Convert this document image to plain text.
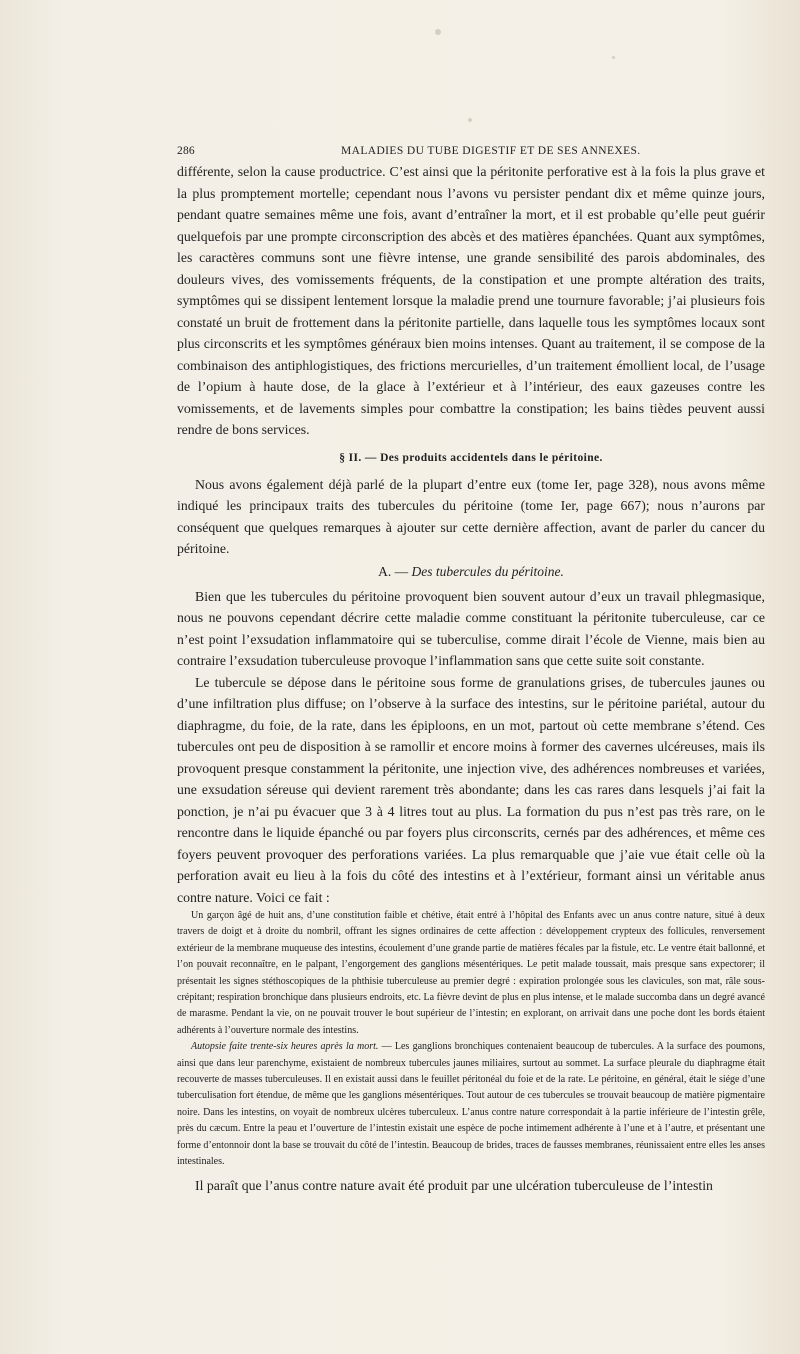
286	MALADIES DU TUBE DIGESTIF ET DE SES ANNEXES.

différente, selon la cause productrice. C’est ainsi que la péritonite perforative est à la fois la plus grave et la plus promptement mortelle; cependant nous l’avons vu persister pendant dix et même quinze jours, pendant quatre semaines même une fois, avant d’entraîner la mort, et il est probable qu’elle peut guérir quelquefois par une prompte circonscription des abcès et des matières épanchées. Quant aux symptômes, les caractères communs sont une fièvre intense, une grande sensibilité des parois abdominales, des douleurs vives, des vomissements fréquents, de la constipation et une prompte altération des traits, symptômes qui se dissipent lentement lorsque la maladie prend une tournure favorable; j’ai plusieurs fois constaté un bruit de frottement dans la péritonite partielle, dans laquelle tous les symptômes locaux sont plus circonscrits et les symptômes généraux bien moins intenses. Quant au traitement, il se compose de la combinaison des antiphlogistiques, des frictions mercurielles, d’un traitement émollient local, de l’usage de l’opium à haute dose, de la glace à l’extérieur et à l’intérieur, des eaux gazeuses contre les vomissements, et de lavements simples pour combattre la constipation; les bains tièdes peuvent aussi rendre de bons services.

§ II. — Des produits accidentels dans le péritoine.

Nous avons également déjà parlé de la plupart d’entre eux (tome Ier, page 328), nous avons même indiqué les principaux traits des tubercules du péritoine (tome Ier, page 667); nous n’aurons par conséquent que quelques remarques à ajouter sur cette dernière affection, avant de parler du cancer du péritoine.

A. — Des tubercules du péritoine.

Bien que les tubercules du péritoine provoquent bien souvent autour d’eux un travail phlegmasique, nous ne pouvons cependant décrire cette maladie comme constituant la péritonite tuberculeuse, car ce n’est point l’exsudation inflammatoire qui se tuberculise, comme dirait l’école de Vienne, mais bien au contraire l’exsudation tuberculeuse provoque l’inflammation sans que cette suite soit constante.

Le tubercule se dépose dans le péritoine sous forme de granulations grises, de tubercules jaunes ou d’une infiltration plus diffuse; on l’observe à la surface des intestins, sur le péritoine pariétal, autour du diaphragme, du foie, de la rate, dans les épiploons, en un mot, partout où cette membrane s’étend. Ces tubercules ont peu de disposition à se ramollir et encore moins à former des cavernes ulcéreuses, mais ils provoquent presque constamment la péritonite, une injection vive, des adhérences nombreuses et variées, une exsudation séreuse qui devient rarement très abondante; dans les cas rares dans lesquels j’ai fait la ponction, je n’ai pu évacuer que 3 à 4 litres tout au plus. La formation du pus n’est pas très rare, on le rencontre dans le liquide épanché ou par foyers plus circonscrits, cernés par des adhérences, et même ces foyers peuvent provoquer des perforations variées. La plus remarquable que j’aie vue était celle où la perforation avait eu lieu à la fois du côté des intestins et à l’extérieur, formant ainsi un véritable anus contre nature. Voici ce fait :

Un garçon âgé de huit ans, d’une constitution faible et chétive, était entré à l’hôpital des Enfants avec un anus contre nature, situé à deux travers de doigt et à droite du nombril, offrant les signes ordinaires de cette affection : développement crypteux des follicules, renversement extérieur de la membrane muqueuse des intestins, écoulement d’une grande partie de matières fécales par la fistule, etc. Le ventre était ballonné, et l’on pouvait reconnaître, en le palpant, l’engorgement des ganglions mésentériques. Le petit malade toussait, mais presque sans expectorer; il présentait les signes stéthoscopiques de la phthisie tuberculeuse au premier degré : expiration prolongée sous les clavicules, son mat, râle sous-crépitant; respiration bronchique dans plusieurs endroits, etc. La fièvre devint de plus en plus intense, et le malade succomba dans un degré avancé de marasme. Pendant la vie, on ne pouvait trouver le bout supérieur de l’intestin; en explorant, on arrivait dans une poche dont les bords étaient adhérents à l’ouverture normale des intestins.

Autopsie faite trente-six heures après la mort. — Les ganglions bronchiques contenaient beaucoup de tubercules. A la surface des poumons, ainsi que dans leur parenchyme, existaient de nombreux tubercules jaunes miliaires, surtout au sommet. La surface pleurale du diaphragme était recouverte de masses tuberculeuses. Il en existait aussi dans le feuillet péritonéal du foie et de la rate. Le péritoine, en général, était le siége d’une tuberculisation fort étendue, de même que les ganglions mésentériques. Tout autour de ces tubercules se trouvait beaucoup de matière pigmentaire noire. Dans les intestins, on voyait de nombreux ulcères tuberculeux. L’anus contre nature correspondait à la partie inférieure de l’intestin grêle, près du cæcum. Entre la peau et l’ouverture de l’intestin existait une espèce de poche intimement adhérente à l’une et à l’autre, et présentant une forme d’entonnoir dont la base se trouvait du côté de l’intestin. Beaucoup de brides, traces de fausses membranes, réunissaient entre elles les anses intestinales.

Il paraît que l’anus contre nature avait été produit par une ulcération tuberculeuse de l’intestin
